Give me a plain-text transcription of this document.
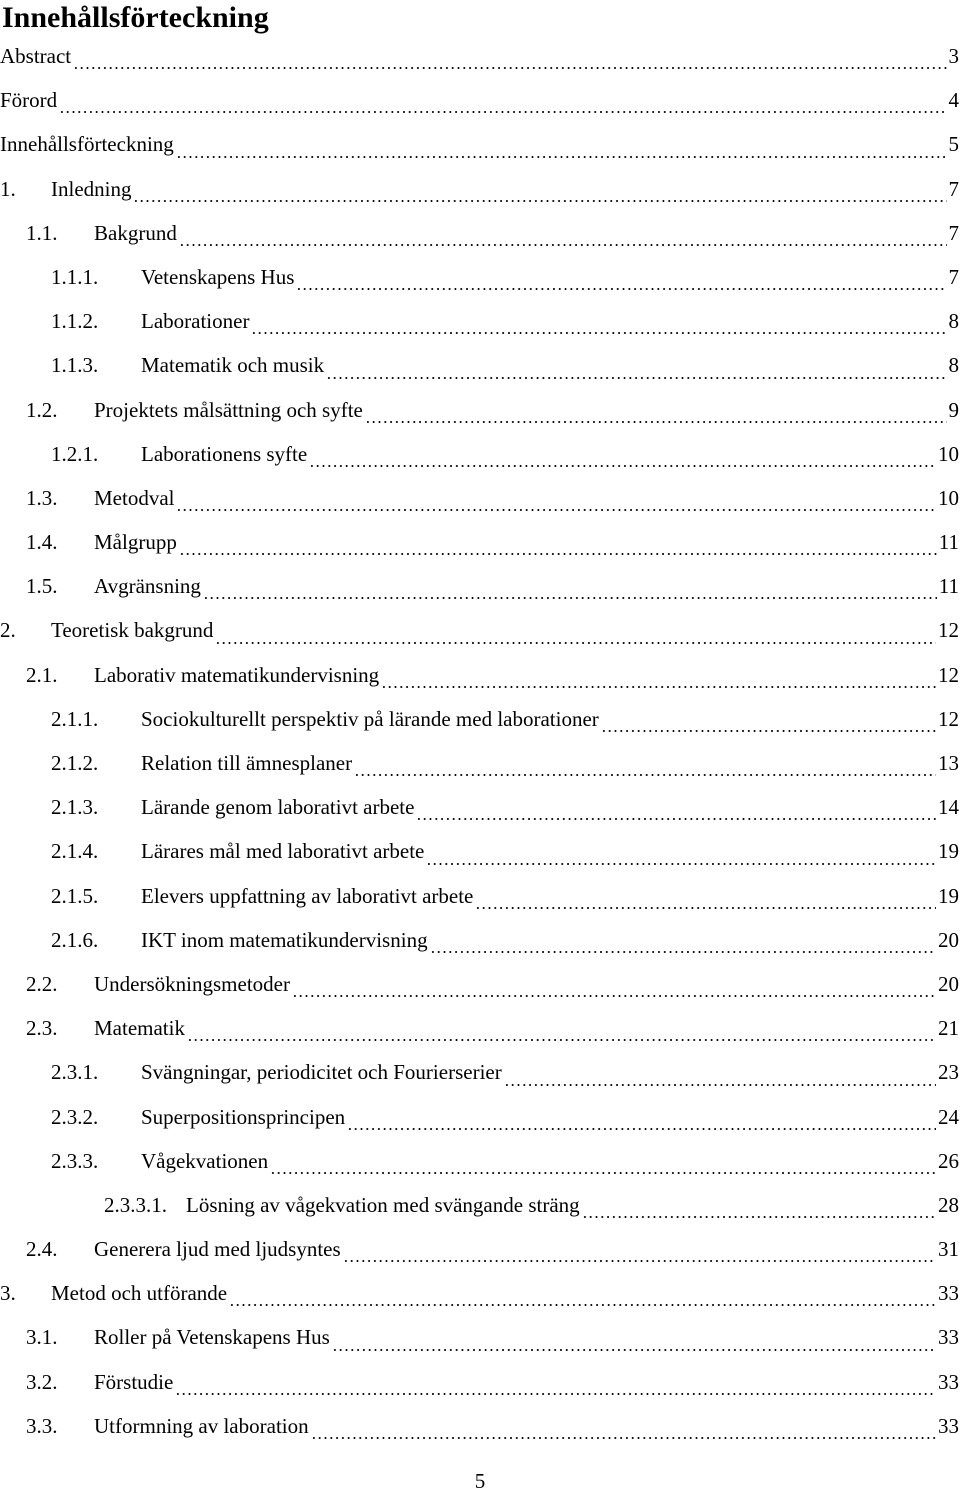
Innehållsförteckning
Abstract	3
Förord	4
Innehållsförteckning	5
1.	Inledning	7
1.1.	Bakgrund	7
1.1.1.	Vetenskapens Hus	7
1.1.2.	Laborationer	8
1.1.3.	Matematik och musik	8
1.2.	Projektets målsättning och syfte	9
1.2.1.	Laborationens syfte	10
1.3.	Metodval	10
1.4.	Målgrupp	11
1.5.	Avgränsning	11
2.	Teoretisk bakgrund	12
2.1.	Laborativ matematikundervisning	12
2.1.1.	Sociokulturellt perspektiv på lärande med laborationer	12
2.1.2.	Relation till ämnesplaner	13
2.1.3.	Lärande genom laborativt arbete	14
2.1.4.	Lärares mål med laborativt arbete	19
2.1.5.	Elevers uppfattning av laborativt arbete	19
2.1.6.	IKT inom matematikundervisning	20
2.2.	Undersökningsmetoder	20
2.3.	Matematik	21
2.3.1.	Svängningar, periodicitet och Fourierserier	23
2.3.2.	Superpositionsprincipen	24
2.3.3.	Vågekvationen	26
2.3.3.1. Lösning av vågekvation med svängande sträng	28
2.4.	Generera ljud med ljudsyntes	31
3.	Metod och utförande	33
3.1.	Roller på Vetenskapens Hus	33
3.2.	Förstudie	33
3.3.	Utformning av laboration	33
5
